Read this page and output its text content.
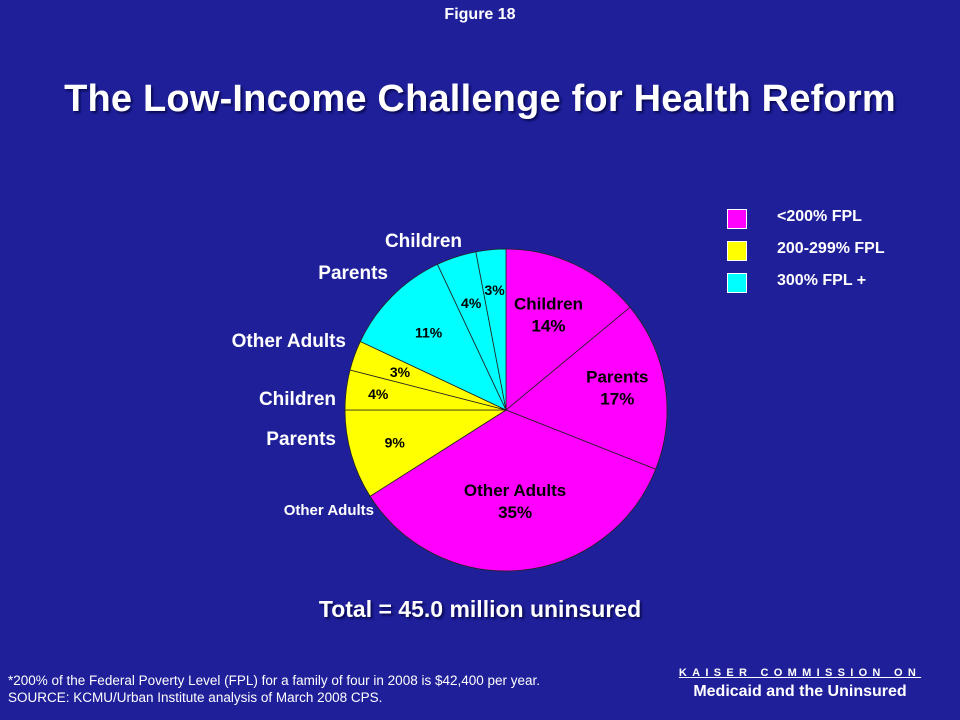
Figure 18
The Low-Income Challenge for Health Reform
Children
14%
Parents
17%
Other Adults
35%
9%
Other Adults
4%
Parents
3%
Children
11%
Other Adults
4%
Parents
3%
Children
<200% FPL
200-299% FPL
300% FPL +
Total = 45.0 million uninsured
*200% of the Federal Poverty Level (FPL) for a family of four in 2008 is $42,400 per year.
SOURCE: KCMU/Urban Institute analysis of March 2008 CPS.
KAISER COMMISSION ON
Medicaid and the Uninsured
